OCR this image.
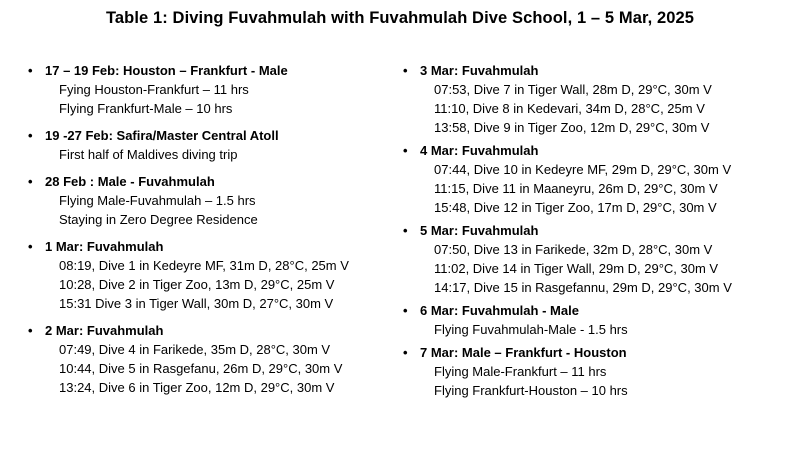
Table 1: Diving Fuvahmulah with Fuvahmulah Dive School, 1 – 5 Mar, 2025
• 17 – 19 Feb: Houston – Frankfurt - Male
Fying Houston-Frankfurt – 11 hrs
Flying Frankfurt-Male – 10 hrs
• 19 -27 Feb: Safira/Master Central Atoll
First half of Maldives diving trip
• 28 Feb : Male - Fuvahmulah
Flying Male-Fuvahmulah – 1.5 hrs
Staying in Zero Degree Residence
• 1 Mar: Fuvahmulah
08:19, Dive 1 in Kedeyre MF, 31m D, 28°C, 25m V
10:28, Dive 2 in Tiger Zoo, 13m D, 29°C, 25m V
15:31 Dive 3 in Tiger Wall, 30m D, 27°C, 30m V
• 2 Mar: Fuvahmulah
07:49, Dive 4 in Farikede, 35m D, 28°C, 30m V
10:44, Dive 5 in Rasgefanu, 26m D, 29°C, 30m V
13:24, Dive 6 in Tiger Zoo, 12m D, 29°C, 30m V
• 3 Mar: Fuvahmulah
07:53, Dive 7 in Tiger Wall, 28m D, 29°C, 30m V
11:10, Dive 8 in Kedevari, 34m D, 28°C, 25m V
13:58, Dive 9 in Tiger Zoo, 12m D, 29°C, 30m V
• 4 Mar: Fuvahmulah
07:44, Dive 10 in Kedeyre MF, 29m D, 29°C, 30m V
11:15, Dive 11 in Maaneyru, 26m D, 29°C, 30m V
15:48, Dive 12 in Tiger Zoo, 17m D, 29°C, 30m V
• 5 Mar: Fuvahmulah
07:50, Dive 13 in Farikede, 32m D, 28°C, 30m V
11:02, Dive 14 in Tiger Wall, 29m D, 29°C, 30m V
14:17, Dive 15 in Rasgefannu, 29m D, 29°C, 30m V
• 6 Mar: Fuvahmulah - Male
Flying Fuvahmulah-Male - 1.5 hrs
• 7 Mar: Male – Frankfurt - Houston
Flying Male-Frankfurt – 11 hrs
Flying Frankfurt-Houston – 10 hrs
